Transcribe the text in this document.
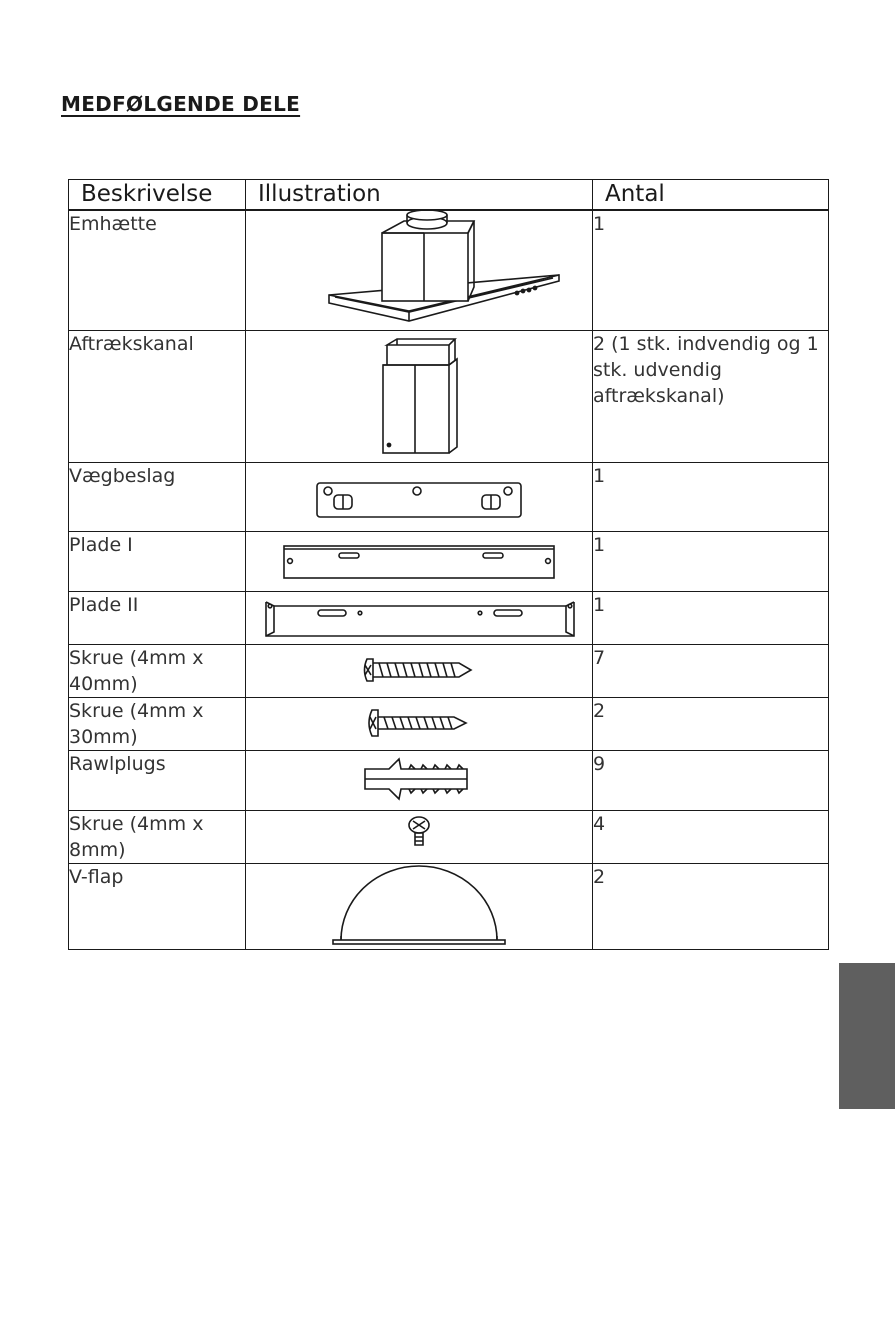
MEDFØLGENDE DELE
Beskrivelse	Illustration	Antal
Emhætte		1
Aftrækskanal		2 (1 stk. indvendig og 1 stk. udvendig aftrækskanal)
Vægbeslag		1
Plade I		1
Plade II		1
Skrue (4mm x 40mm)		7
Skrue (4mm x 30mm)		2
Rawlplugs		9
Skrue (4mm x 8mm)		4
V-flap		2
